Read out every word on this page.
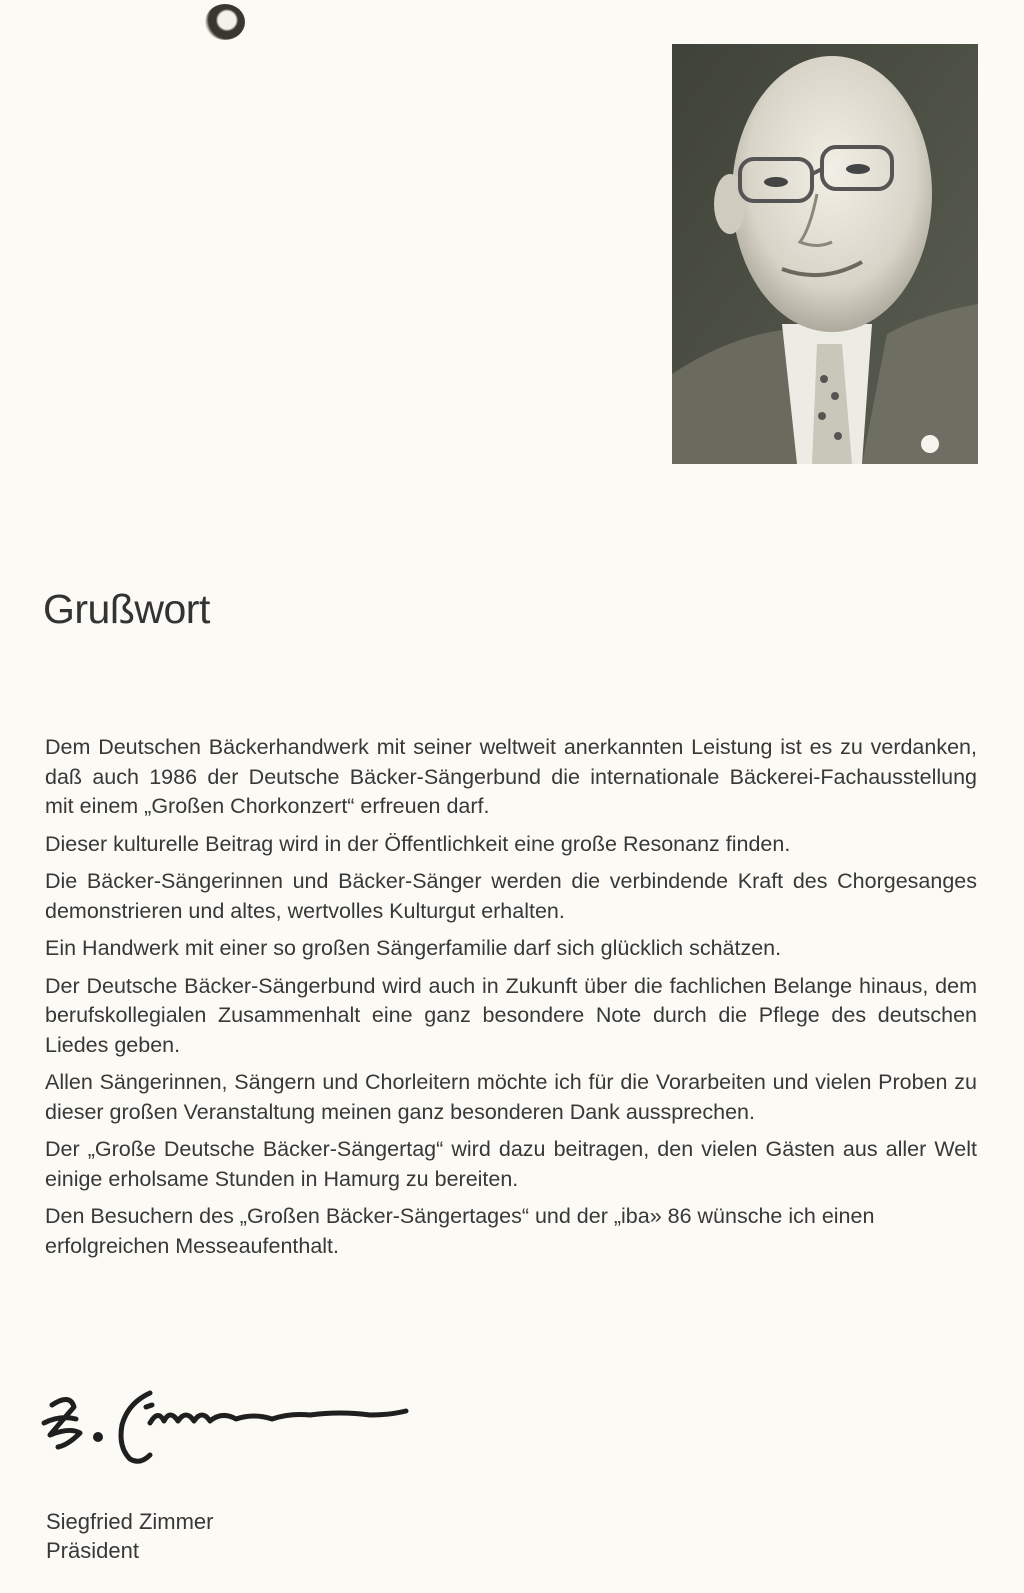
Grußwort

Dem Deutschen Bäckerhandwerk mit seiner weltweit anerkannten Leistung ist es zu verdanken, daß auch 1986 der Deutsche Bäcker-Sängerbund die internationale Bäckerei-Fachausstellung mit einem „Großen Chorkonzert“ erfreuen darf.

Dieser kulturelle Beitrag wird in der Öffentlichkeit eine große Resonanz finden.

Die Bäcker-Sängerinnen und Bäcker-Sänger werden die verbindende Kraft des Chorgesanges demonstrieren und altes, wertvolles Kulturgut erhalten.

Ein Handwerk mit einer so großen Sängerfamilie darf sich glücklich schätzen.

Der Deutsche Bäcker-Sängerbund wird auch in Zukunft über die fachlichen Belange hinaus, dem berufskollegialen Zusammenhalt eine ganz besondere Note durch die Pflege des deutschen Liedes geben.

Allen Sängerinnen, Sängern und Chorleitern möchte ich für die Vorarbeiten und vielen Proben zu dieser großen Veranstaltung meinen ganz besonderen Dank aussprechen.

Der „Große Deutsche Bäcker-Sängertag“ wird dazu beitragen, den vielen Gästen aus aller Welt einige erholsame Stunden in Hamurg zu bereiten.

Den Besuchern des „Großen Bäcker-Sängertages“ und der „iba» 86 wünsche ich einen erfolgreichen Messeaufenthalt.

Siegfried Zimmer
Präsident
